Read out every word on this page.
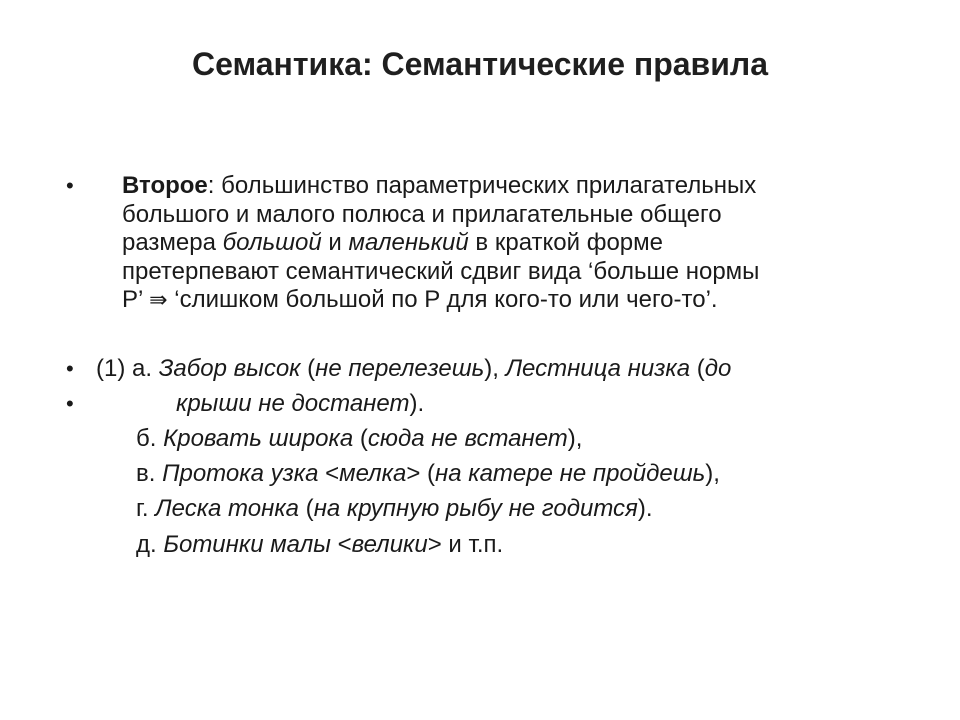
Семантика: Семантические правила
• Второе: большинство параметрических прилагательных
большого и малого полюса и прилагательные общего
размера большой и маленький в краткой форме
претерпевают семантический сдвиг вида ‘больше нормы
P’ ⇛ ‘слишком большой по P для кого-то или чего-то’.
• (1) а. Забор высок (не перелезешь), Лестница низка (до
•	крыши не достанет).
б. Кровать широка (сюда не встанет),
в. Протока узка <мелка> (на катере не пройдешь),
г. Леска тонка (на крупную рыбу не годится).
д. Ботинки малы <велики> и т.п.
